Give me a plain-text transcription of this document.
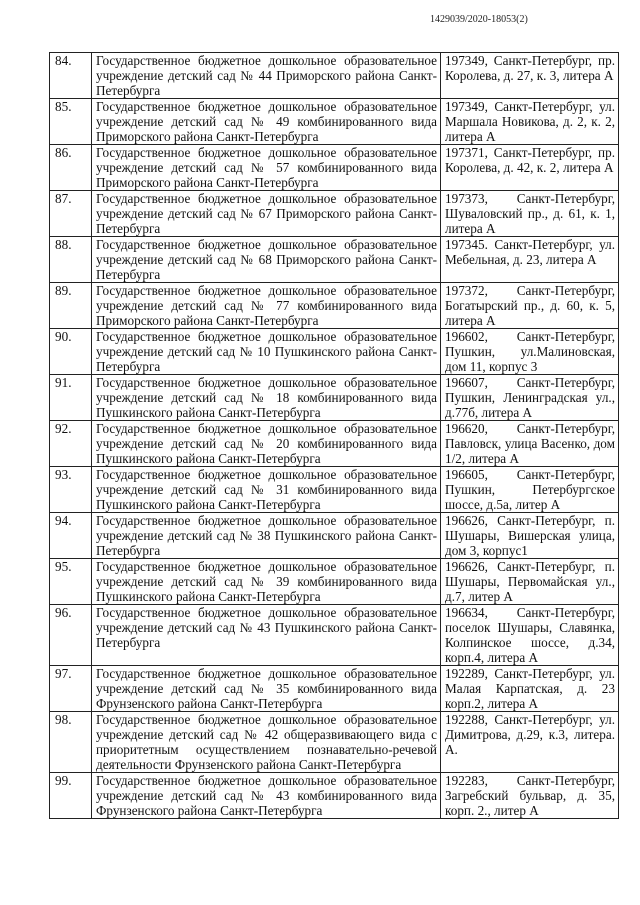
1429039/2020-18053(2)
84.	Государственное бюджетное дошкольное образовательное учреждение детский сад № 44 Приморского района Санкт-Петербурга	197349, Санкт-Петербург, пр. Королева, д. 27, к. 3, литера А
85.	Государственное бюджетное дошкольное образовательное учреждение детский сад № 49 комбинированного вида Приморского района Санкт-Петербурга	197349, Санкт-Петербург, ул. Маршала Новикова, д. 2, к. 2, литера А
86.	Государственное бюджетное дошкольное образовательное учреждение детский сад № 57 комбинированного вида Приморского района Санкт-Петербурга	197371, Санкт-Петербург, пр. Королева, д. 42, к. 2, литера А
87.	Государственное бюджетное дошкольное образовательное учреждение детский сад № 67 Приморского района Санкт-Петербурга	197373, Санкт-Петербург, Шуваловский пр., д. 61, к. 1, литера А
88.	Государственное бюджетное дошкольное образовательное учреждение детский сад № 68 Приморского района Санкт-Петербурга	197345. Санкт-Петербург, ул. Мебельная, д. 23, литера А
89.	Государственное бюджетное дошкольное образовательное учреждение детский сад № 77 комбинированного вида Приморского района Санкт-Петербурга	197372, Санкт-Петербург, Богатырский пр., д. 60, к. 5, литера А
90.	Государственное бюджетное дошкольное образовательное учреждение детский сад № 10 Пушкинского района Санкт-Петербурга	196602, Санкт-Петербург, Пушкин, ул.Малиновская, дом 11, корпус 3
91.	Государственное бюджетное дошкольное образовательное учреждение детский сад № 18 комбинированного вида Пушкинского района Санкт-Петербурга	196607, Санкт-Петербург, Пушкин, Ленинградская ул., д.77б, литера А
92.	Государственное бюджетное дошкольное образовательное учреждение детский сад № 20 комбинированного вида Пушкинского района Санкт-Петербурга	196620, Санкт-Петербург, Павловск, улица Васенко, дом 1/2, литера А
93.	Государственное бюджетное дошкольное образовательное учреждение детский сад № 31 комбинированного вида Пушкинского района Санкт-Петербурга	196605, Санкт-Петербург, Пушкин, Петербургское шоссе, д.5а, литер А
94.	Государственное бюджетное дошкольное образовательное учреждение детский сад № 38 Пушкинского района Санкт-Петербурга	196626, Санкт-Петербург, п. Шушары, Вишерская улица, дом 3, корпус1
95.	Государственное бюджетное дошкольное образовательное учреждение детский сад № 39 комбинированного вида Пушкинского района Санкт-Петербурга	196626, Санкт-Петербург, п. Шушары, Первомайская ул., д.7, литер А
96.	Государственное бюджетное дошкольное образовательное учреждение детский сад № 43 Пушкинского района Санкт-Петербурга	196634, Санкт-Петербург, поселок Шушары, Славянка, Колпинское шоссе, д.34, корп.4, литера А
97.	Государственное бюджетное дошкольное образовательное учреждение детский сад № 35 комбинированного вида Фрунзенского района Санкт-Петербурга	192289, Санкт-Петербург, ул. Малая Карпатская, д. 23 корп.2, литера А
98.	Государственное бюджетное дошкольное образовательное учреждение детский сад № 42 общеразвивающего вида с приоритетным осуществлением познавательно-речевой деятельности Фрунзенского района Санкт-Петербурга	192288, Санкт-Петербург, ул. Димитрова, д.29, к.3, литера. А.
99.	Государственное бюджетное дошкольное образовательное учреждение детский сад № 43 комбинированного вида Фрунзенского района Санкт-Петербурга	192283, Санкт-Петербург, Загребский бульвар, д. 35, корп. 2., литер А
